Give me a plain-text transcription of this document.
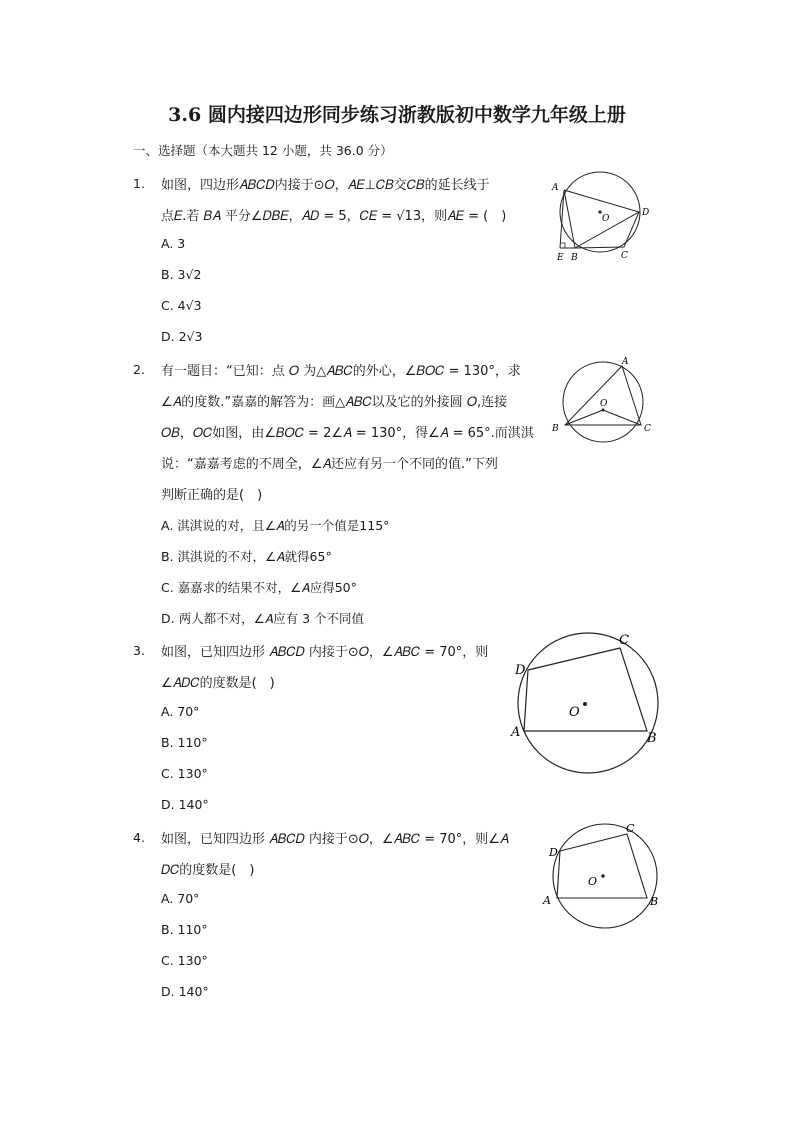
3.6 圆内接四边形同步练习浙教版初中数学九年级上册
一、选择题（本大题共 12 小题，共 36.0 分）
1. 如图，四边形𝐴𝐵𝐶𝐷内接于⊙𝑂，𝐴𝐸⊥𝐶𝐵交𝐶𝐵的延长线于
点𝐸.若 𝐵𝐴 平分∠𝐷𝐵𝐸，𝐴𝐷 = 5，𝐶𝐸 = √13，则𝐴𝐸 = (　)
A. 3
B. 3√2
C. 4√3
D. 2√3
A
D
O
E B	C
2. 有一题目：“已知：点 𝑂 为△𝐴𝐵𝐶的外心，∠𝐵𝑂𝐶 = 130°，求
∠𝐴的度数.”嘉嘉的解答为：画△𝐴𝐵𝐶以及它的外接圆 𝑂,连接
𝑂𝐵，𝑂𝐶如图，由∠𝐵𝑂𝐶 = 2∠𝐴 = 130°，得∠𝐴 = 65°.而淇淇
说：“嘉嘉考虑的不周全，∠𝐴还应有另一个不同的值.”下列
判断正确的是(　)
A. 淇淇说的对，且∠𝐴的另一个值是115°
B. 淇淇说的不对，∠𝐴就得65°
C. 嘉嘉求的结果不对，∠𝐴应得50°
D. 两人都不对，∠𝐴应有 3 个不同值
A
B	C
O
3. 如图，已知四边形 𝐴𝐵𝐶𝐷 内接于⊙𝑂，∠𝐴𝐵𝐶 = 70°，则
∠𝐴𝐷𝐶的度数是(　)
A. 70°
B. 110°
C. 130°
D. 140°
D
C
B
A
O
4. 如图，已知四边形 𝐴𝐵𝐶𝐷 内接于⊙𝑂，∠𝐴𝐵𝐶 = 70°，则∠𝐴
𝐷𝐶的度数是(　)
A. 70°
B. 110°
C. 130°
D. 140°
D
C
B
A
O
